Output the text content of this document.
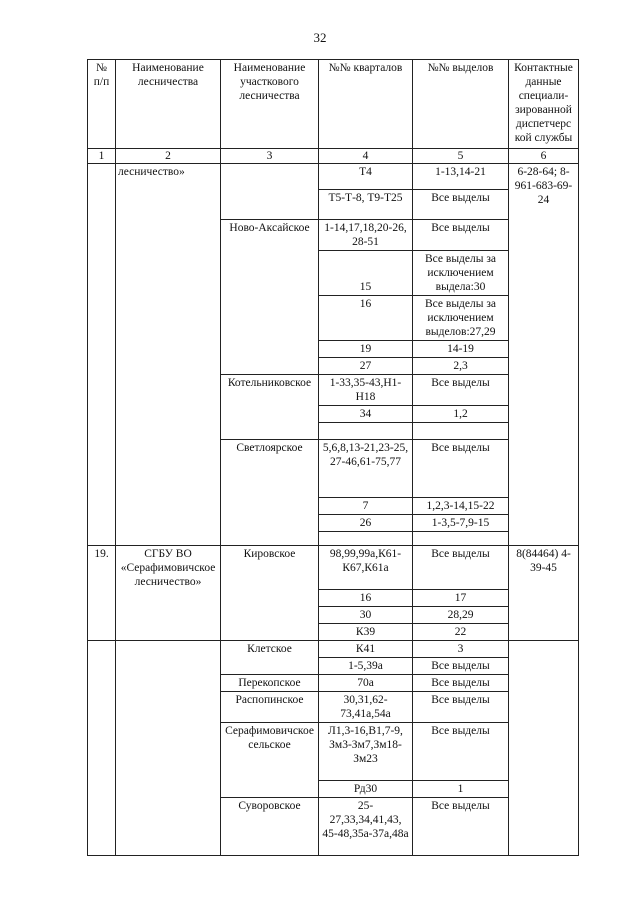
32
№ п/п	Наименование лесничества	Наименование участкового лесничества	№№ кварталов	№№ выделов	Контактные данные специали-зированной диспетчерс кой службы
1	2	3	4	5	6
	лесничество»		Т4	1-13,14-21	6-28-64; 8-961-683-69-24
			Т5-Т-8, Т9-Т25	Все выделы	
		Ново-Аксайское	1-14,17,18,20-26, 28-51	Все выделы	
			15	Все выделы за исключением выдела:30	
			16	Все выделы за исключением выделов:27,29	
			19	14-19	
			27	2,3	
		Котельниковское	1-33,35-43,Н1-Н18	Все выделы	
			34	1,2	

		Светлоярское	5,6,8,13-21,23-25, 27-46,61-75,77	Все выделы	
			7	1,2,3-14,15-22	
			26	1-3,5-7,9-15	

19.	СГБУ ВО «Серафимовичское лесничество»	Кировское	98,99,99а,К61-К67,К61а	Все выделы	8(84464) 4-39-45
			16	17	
			30	28,29	
			К39	22	
		Клетское	К41	3	
			1-5,39а	Все выделы	
		Перекопское	70а	Все выделы	
		Распопинское	30,31,62-73,41а,54а	Все выделы	
		Серафимовичское сельское	Л1,3-16,В1,7-9, Зм3-Зм7,Зм18-Зм23	Все выделы	
			Рд30	1	
		Суворовское	25-27,33,34,41,43, 45-48,35а-37а,48а	Все выделы	
